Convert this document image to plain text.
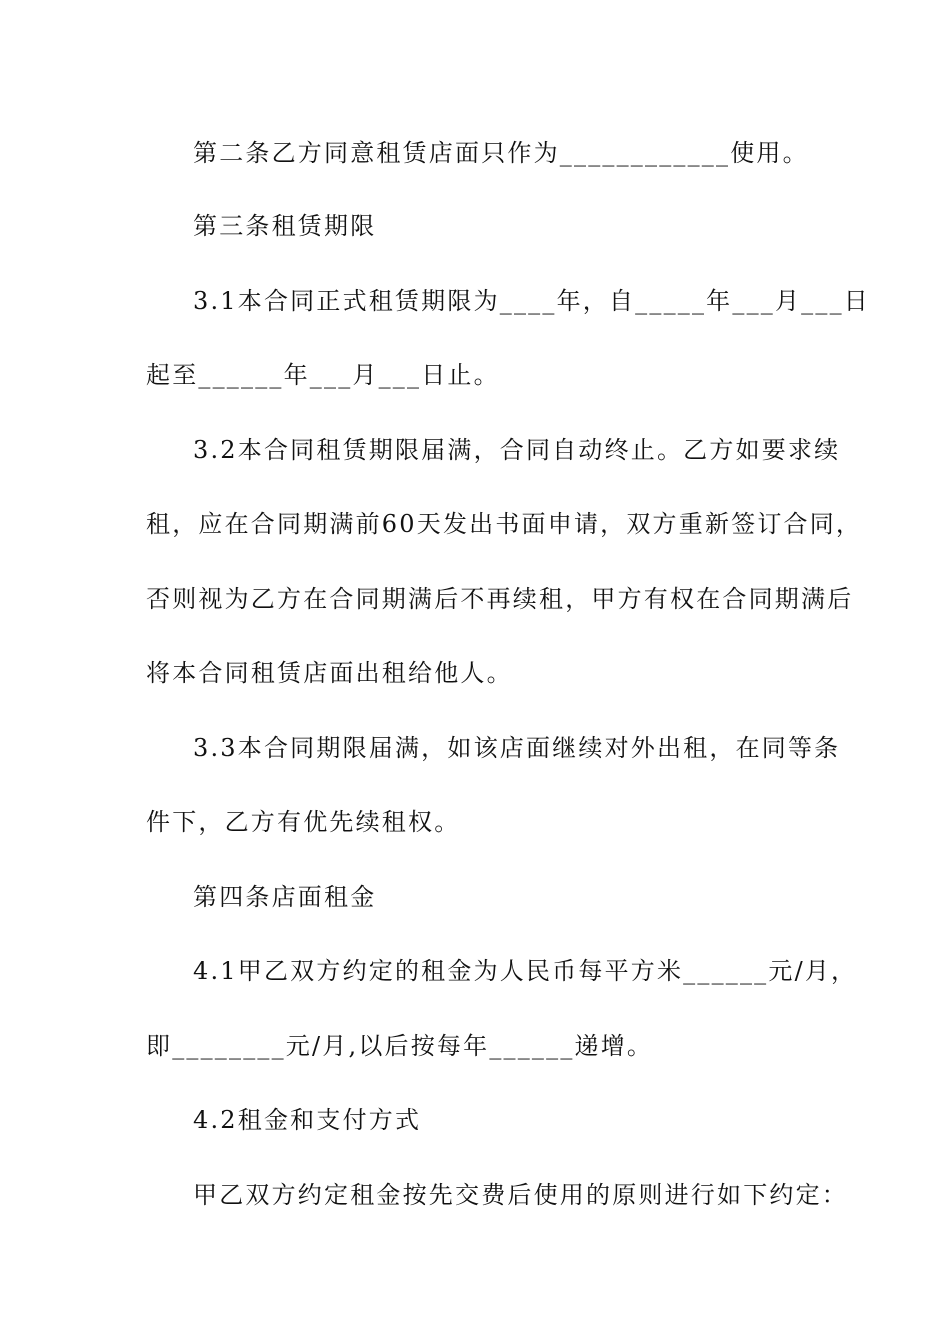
第二条乙方同意租赁店面只作为____________使用。
第三条租赁期限
3.1本合同正式租赁期限为____年，自_____年___月___日
起至______年___月___日止。
3.2本合同租赁期限届满，合同自动终止。乙方如要求续
租，应在合同期满前60天发出书面申请，双方重新签订合同，
否则视为乙方在合同期满后不再续租，甲方有权在合同期满后
将本合同租赁店面出租给他人。
3.3本合同期限届满，如该店面继续对外出租，在同等条
件下，乙方有优先续租权。
第四条店面租金
4.1甲乙双方约定的租金为人民币每平方米______元/月，
即________元/月,以后按每年______递增。
4.2租金和支付方式
甲乙双方约定租金按先交费后使用的原则进行如下约定：
